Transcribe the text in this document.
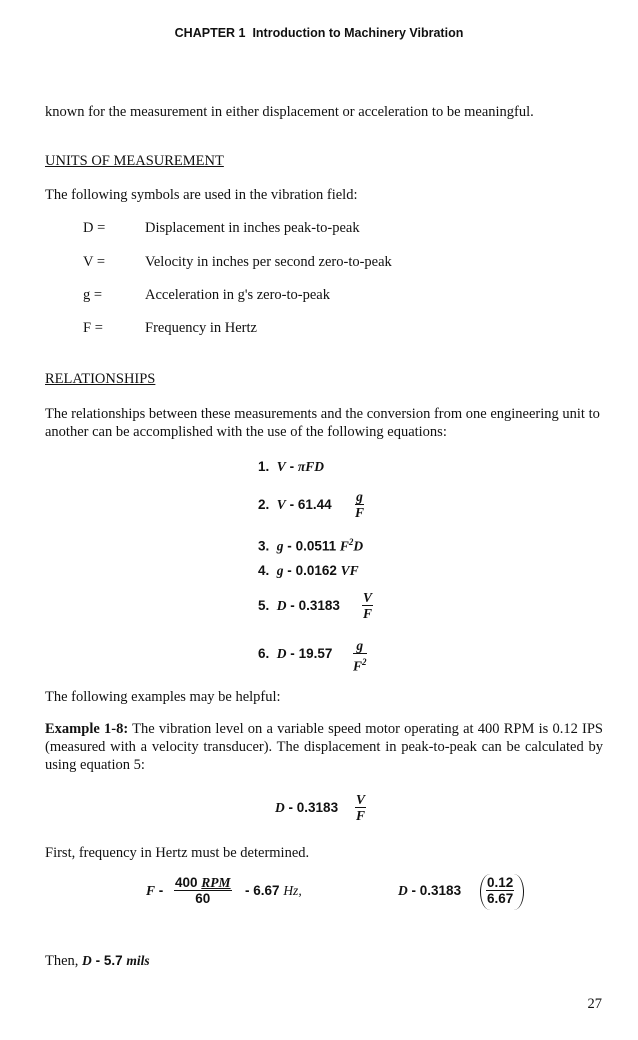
CHAPTER 1 Introduction to Machinery Vibration
known for the measurement in either displacement or acceleration to be meaningful.
UNITS OF MEASUREMENT
The following symbols are used in the vibration field:
D =	Displacement in inches peak-to-peak
V =	Velocity in inches per second zero-to-peak
g =	Acceleration in g's zero-to-peak
F =	Frequency in Hertz
RELATIONSHIPS
The relationships between these measurements and the conversion from one engineering unit to another can be accomplished with the use of the following equations:
1. V - πFD
2. V - $61.44 \frac{g}{F}$
3. g - 0.0511 $F^2D$
4. g - 0.0162 VF
5. D - $0.3183 \frac{V}{F}$
6. D - $19.57 \frac{g}{F^2}$
The following examples may be helpful:
Example 1-8: The vibration level on a variable speed motor operating at 400 RPM is 0.12 IPS (measured with a velocity transducer). The displacement in peak-to-peak can be calculated by using equation 5:
D - $0.3183 \frac{V}{F}$
First, frequency in Hertz must be determined.
F -
400 RPM
60
- 6.67 Hz,	D - $0.3183 \frac{0.12}{6.67}$
Then, D - 5.7 mils
27
